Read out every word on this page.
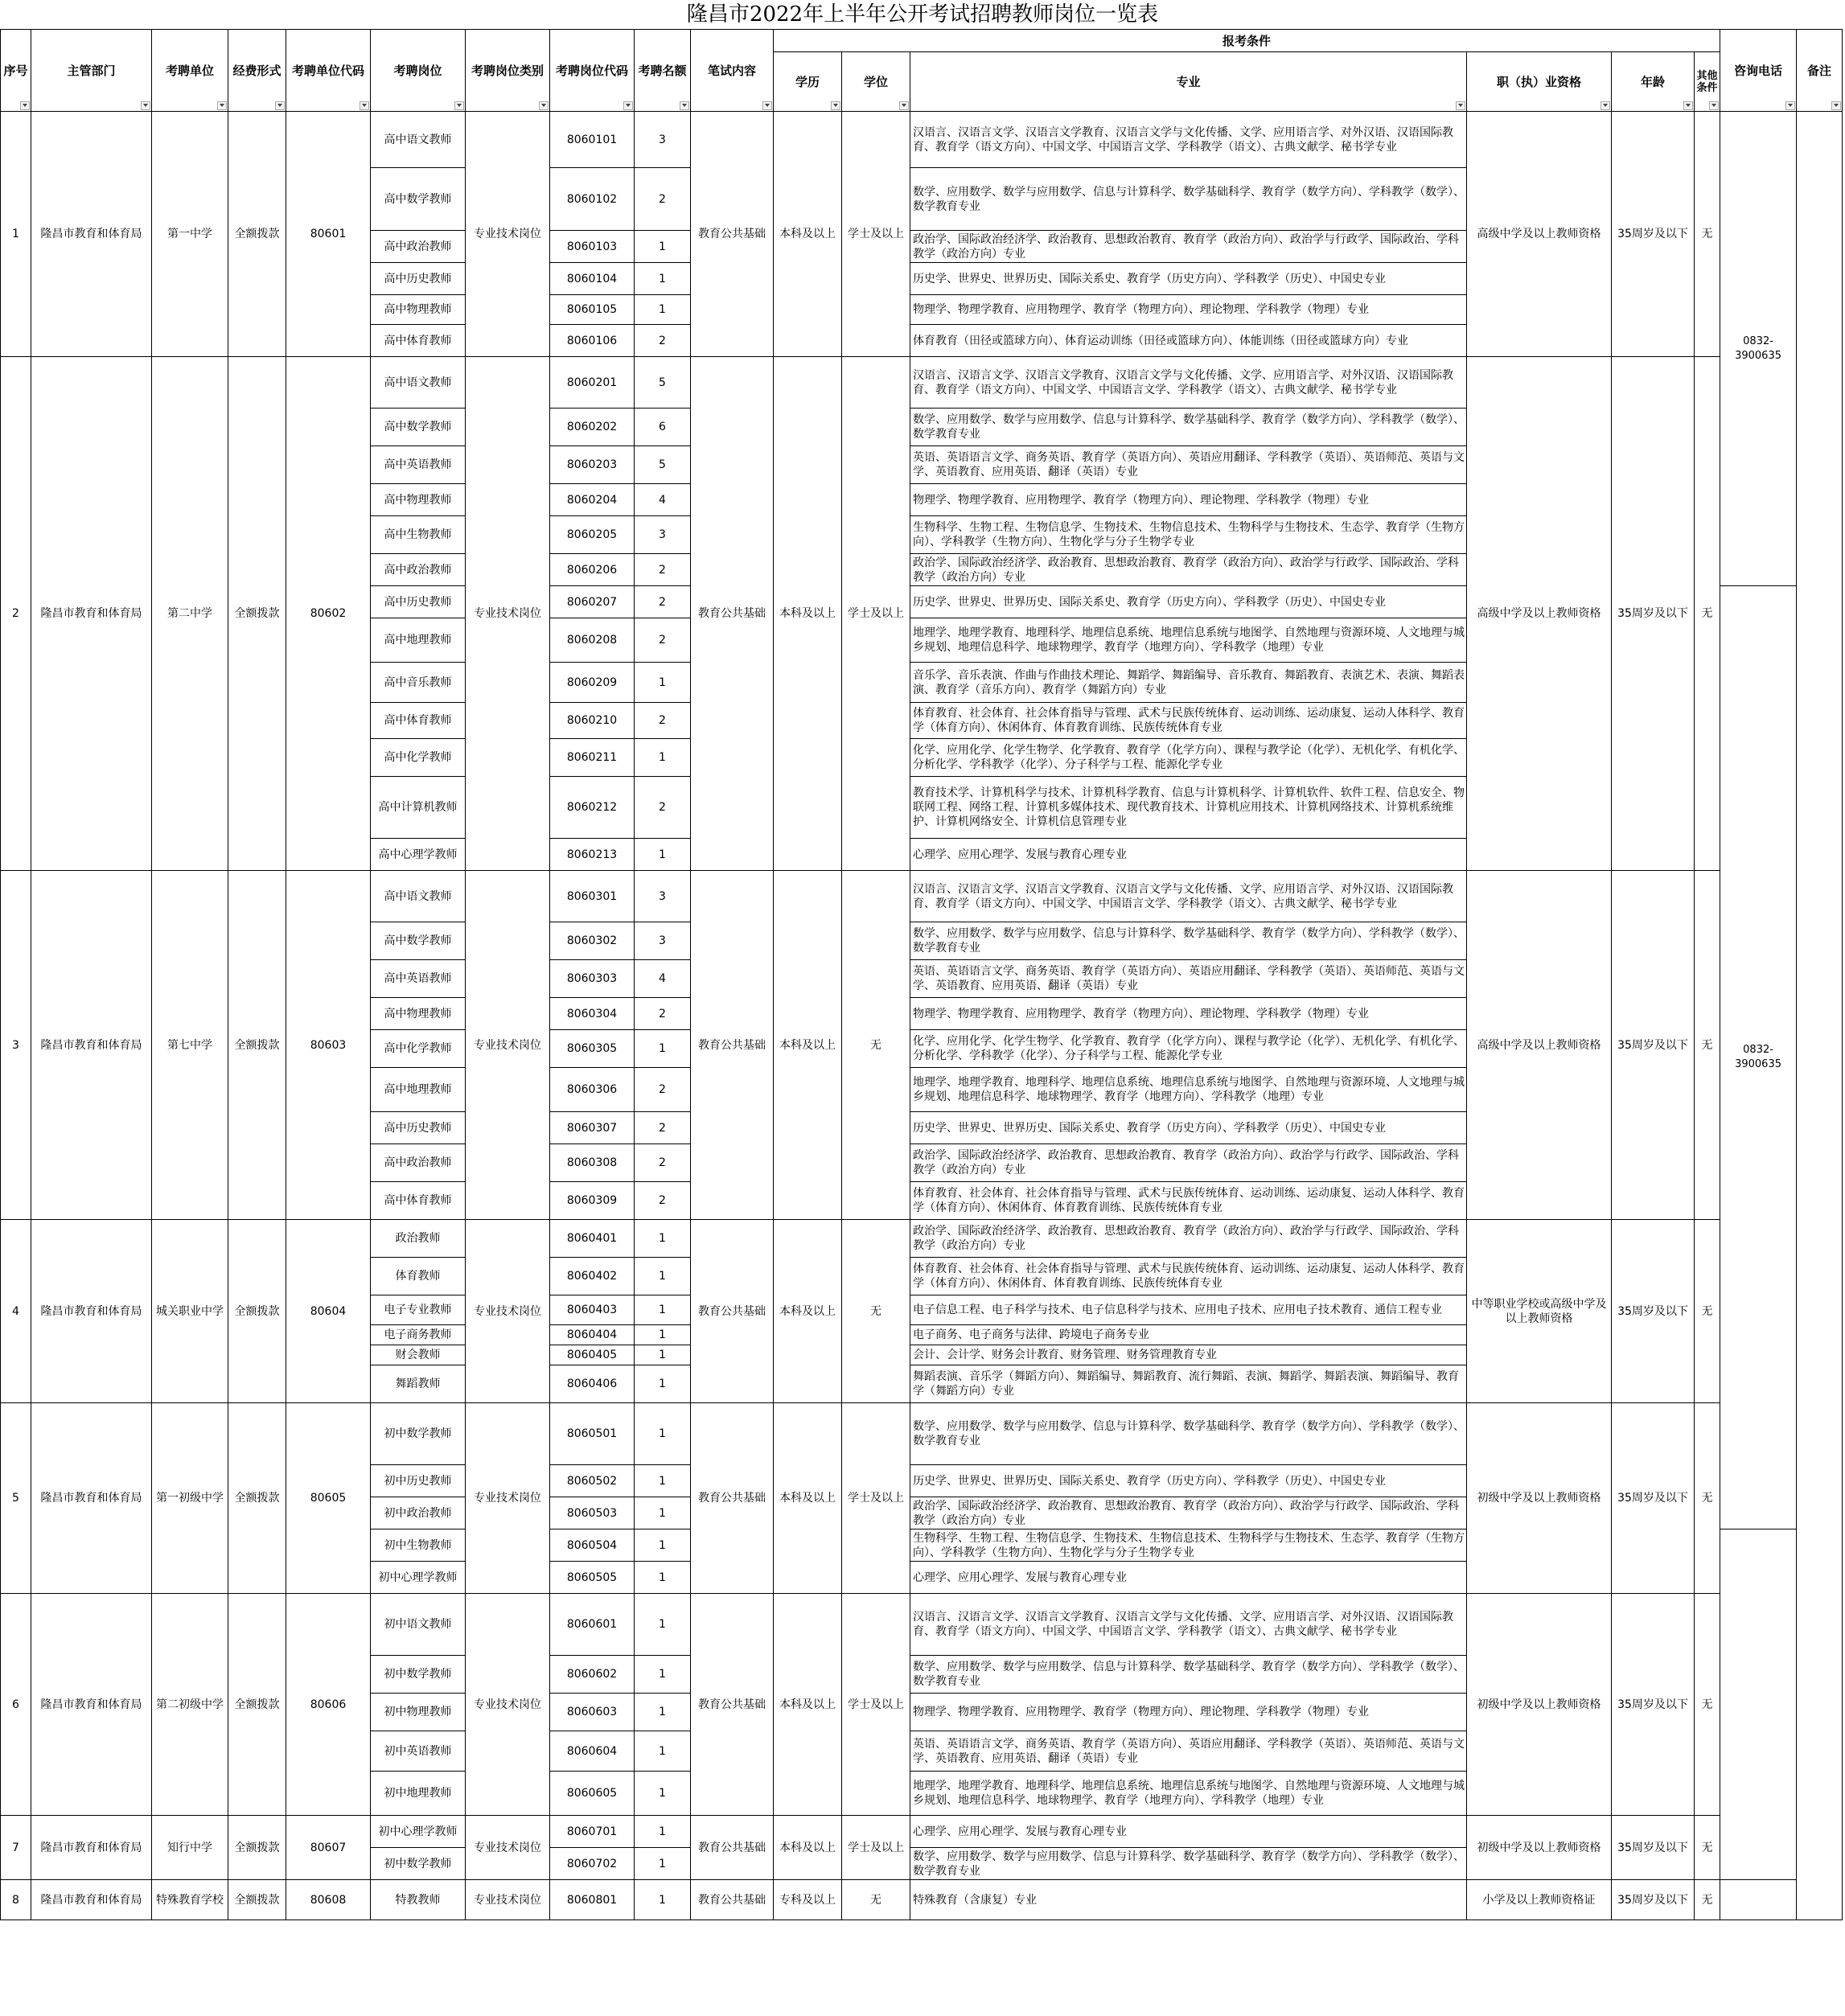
隆昌市2022年上半年公开考试招聘教师岗位一览表
序号	主管部门	考聘单位	经费形式	考聘单位代码	考聘岗位	考聘岗位类别	考聘岗位代码	考聘名额	笔试内容	报考条件						咨询电话	备注	

										学历	学位	专业	职（执）业资格	年龄	其他条件			

1	隆昌市教育和体育局	第一中学	全额拨款	80601	高中语文教师	专业技术岗位	8060101	3	教育公共基础	本科及以上	学士及以上	汉语言、汉语言文学、汉语言文学教育、汉语言文学与文化传播、文学、应用语言学、对外汉语、汉语国际教育、教育学（语文方向）、中国文学、中国语言文学、学科教学（语文）、古典文献学、秘书学专业	高级中学及以上教师资格	35周岁及以下	无	0832-3900635		
					高中数学教师		8060102	2				数学、应用数学、数学与应用数学、信息与计算科学、数学基础科学、教育学（数学方向）、学科教学（数学）、数学教育专业						
					高中政治教师		8060103	1				政治学、国际政治经济学、政治教育、思想政治教育、教育学（政治方向）、政治学与行政学、国际政治、学科教学（政治方向）专业						
					高中历史教师		8060104	1				历史学、世界史、世界历史、国际关系史、教育学（历史方向）、学科教学（历史）、中国史专业						
					高中物理教师		8060105	1				物理学、物理学教育、应用物理学、教育学（物理方向）、理论物理、学科教学（物理）专业						
					高中体育教师		8060106	2				体育教育（田径或篮球方向）、体育运动训练（田径或篮球方向）、体能训练（田径或篮球方向）专业						
2	隆昌市教育和体育局	第二中学	全额拨款	80602	高中语文教师	专业技术岗位	8060201	5	教育公共基础	本科及以上	学士及以上	汉语言、汉语言文学、汉语言文学教育、汉语言文学与文化传播、文学、应用语言学、对外汉语、汉语国际教育、教育学（语文方向）、中国文学、中国语言文学、学科教学（语文）、古典文献学、秘书学专业	高级中学及以上教师资格	35周岁及以下	无			
					高中数学教师		8060202	6				数学、应用数学、数学与应用数学、信息与计算科学、数学基础科学、教育学（数学方向）、学科教学（数学）、数学教育专业						
					高中英语教师		8060203	5				英语、英语语言文学、商务英语、教育学（英语方向）、英语应用翻译、学科教学（英语）、英语师范、英语与文学、英语教育、应用英语、翻译（英语）专业						
					高中物理教师		8060204	4				物理学、物理学教育、应用物理学、教育学（物理方向）、理论物理、学科教学（物理）专业						
					高中生物教师		8060205	3				生物科学、生物工程、生物信息学、生物技术、生物信息技术、生物科学与生物技术、生态学、教育学（生物方向）、学科教学（生物方向）、生物化学与分子生物学专业						
					高中政治教师		8060206	2				政治学、国际政治经济学、政治教育、思想政治教育、教育学（政治方向）、政治学与行政学、国际政治、学科教学（政治方向）专业						
					高中历史教师		8060207	2				历史学、世界史、世界历史、国际关系史、教育学（历史方向）、学科教学（历史）、中国史专业				0832-3900635		
					高中地理教师		8060208	2				地理学、地理学教育、地理科学、地理信息系统、地理信息系统与地图学、自然地理与资源环境、人文地理与城乡规划、地理信息科学、地球物理学、教育学（地理方向）、学科教学（地理）专业						
					高中音乐教师		8060209	1				音乐学、音乐表演、作曲与作曲技术理论、舞蹈学、舞蹈编导、音乐教育、舞蹈教育、表演艺术、表演、舞蹈表演、教育学（音乐方向）、教育学（舞蹈方向）专业						
					高中体育教师		8060210	2				体育教育、社会体育、社会体育指导与管理、武术与民族传统体育、运动训练、运动康复、运动人体科学、教育学（体育方向）、休闲体育、体育教育训练、民族传统体育专业						
					高中化学教师		8060211	1				化学、应用化学、化学生物学、化学教育、教育学（化学方向）、课程与教学论（化学）、无机化学、有机化学、分析化学、学科教学（化学）、分子科学与工程、能源化学专业						
					高中计算机教师		8060212	2				教育技术学、计算机科学与技术、计算机科学教育、信息与计算机科学、计算机软件、软件工程、信息安全、物联网工程、网络工程、计算机多媒体技术、现代教育技术、计算机应用技术、计算机网络技术、计算机系统维护、计算机网络安全、计算机信息管理专业						
					高中心理学教师		8060213	1				心理学、应用心理学、发展与教育心理专业						
3	隆昌市教育和体育局	第七中学	全额拨款	80603	高中语文教师	专业技术岗位	8060301	3	教育公共基础	本科及以上	无	汉语言、汉语言文学、汉语言文学教育、汉语言文学与文化传播、文学、应用语言学、对外汉语、汉语国际教育、教育学（语文方向）、中国文学、中国语言文学、学科教学（语文）、古典文献学、秘书学专业	高级中学及以上教师资格	35周岁及以下	无			
					高中数学教师		8060302	3				数学、应用数学、数学与应用数学、信息与计算科学、数学基础科学、教育学（数学方向）、学科教学（数学）、数学教育专业						
					高中英语教师		8060303	4				英语、英语语言文学、商务英语、教育学（英语方向）、英语应用翻译、学科教学（英语）、英语师范、英语与文学、英语教育、应用英语、翻译（英语）专业						
					高中物理教师		8060304	2				物理学、物理学教育、应用物理学、教育学（物理方向）、理论物理、学科教学（物理）专业						
					高中化学教师		8060305	1				化学、应用化学、化学生物学、化学教育、教育学（化学方向）、课程与教学论（化学）、无机化学、有机化学、分析化学、学科教学（化学）、分子科学与工程、能源化学专业						
					高中地理教师		8060306	2				地理学、地理学教育、地理科学、地理信息系统、地理信息系统与地图学、自然地理与资源环境、人文地理与城乡规划、地理信息科学、地球物理学、教育学（地理方向）、学科教学（地理）专业						
					高中历史教师		8060307	2				历史学、世界史、世界历史、国际关系史、教育学（历史方向）、学科教学（历史）、中国史专业						
					高中政治教师		8060308	2				政治学、国际政治经济学、政治教育、思想政治教育、教育学（政治方向）、政治学与行政学、国际政治、学科教学（政治方向）专业						
					高中体育教师		8060309	2				体育教育、社会体育、社会体育指导与管理、武术与民族传统体育、运动训练、运动康复、运动人体科学、教育学（体育方向）、休闲体育、体育教育训练、民族传统体育专业						
4	隆昌市教育和体育局	城关职业中学	全额拨款	80604	政治教师	专业技术岗位	8060401	1	教育公共基础	本科及以上	无	政治学、国际政治经济学、政治教育、思想政治教育、教育学（政治方向）、政治学与行政学、国际政治、学科教学（政治方向）专业	中等职业学校或高级中学及以上教师资格	35周岁及以下	无	
					体育教师		8060402	1				体育教育、社会体育、社会体育指导与管理、武术与民族传统体育、运动训练、运动康复、运动人体科学、教育学（体育方向）、休闲体育、体育教育训练、民族传统体育专业						
					电子专业教师		8060403	1				电子信息工程、电子科学与技术、电子信息科学与技术、应用电子技术、应用电子技术教育、通信工程专业						
					电子商务教师		8060404	1				电子商务、电子商务与法律、跨境电子商务专业						
					财会教师		8060405	1				会计、会计学、财务会计教育、财务管理、财务管理教育专业						
					舞蹈教师		8060406	1				舞蹈表演、音乐学（舞蹈方向）、舞蹈编导、舞蹈教育、流行舞蹈、表演、舞蹈学、舞蹈表演、舞蹈编导、教育学（舞蹈方向）专业						
5	隆昌市教育和体育局	第一初级中学	全额拨款	80605	初中数学教师	专业技术岗位	8060501	1	教育公共基础	本科及以上	学士及以上	数学、应用数学、数学与应用数学、信息与计算科学、数学基础科学、教育学（数学方向）、学科教学（数学）、数学教育专业	初级中学及以上教师资格	35周岁及以下	无	
					初中历史教师		8060502	1				历史学、世界史、世界历史、国际关系史、教育学（历史方向）、学科教学（历史）、中国史专业						
					初中政治教师		8060503	1				政治学、国际政治经济学、政治教育、思想政治教育、教育学（政治方向）、政治学与行政学、国际政治、学科教学（政治方向）专业						
					初中生物教师		8060504	1				生物科学、生物工程、生物信息学、生物技术、生物信息技术、生物科学与生物技术、生态学、教育学（生物方向）、学科教学（生物方向）、生物化学与分子生物学专业						
					初中心理学教师		8060505	1				心理学、应用心理学、发展与教育心理专业						
6	隆昌市教育和体育局	第二初级中学	全额拨款	80606	初中语文教师	专业技术岗位	8060601	1	教育公共基础	本科及以上	学士及以上	汉语言、汉语言文学、汉语言文学教育、汉语言文学与文化传播、文学、应用语言学、对外汉语、汉语国际教育、教育学（语文方向）、中国文学、中国语言文学、学科教学（语文）、古典文献学、秘书学专业	初级中学及以上教师资格	35周岁及以下	无			
					初中数学教师		8060602	1				数学、应用数学、数学与应用数学、信息与计算科学、数学基础科学、教育学（数学方向）、学科教学（数学）、数学教育专业						
					初中物理教师		8060603	1				物理学、物理学教育、应用物理学、教育学（物理方向）、理论物理、学科教学（物理）专业						
					初中英语教师		8060604	1				英语、英语语言文学、商务英语、教育学（英语方向）、英语应用翻译、学科教学（英语）、英语师范、英语与文学、英语教育、应用英语、翻译（英语）专业						
					初中地理教师		8060605	1				地理学、地理学教育、地理科学、地理信息系统、地理信息系统与地图学、自然地理与资源环境、人文地理与城乡规划、地理信息科学、地球物理学、教育学（地理方向）、学科教学（地理）专业						
7	隆昌市教育和体育局	知行中学	全额拨款	80607	初中心理学教师	专业技术岗位	8060701	1	教育公共基础	本科及以上	学士及以上	心理学、应用心理学、发展与教育心理专业	初级中学及以上教师资格	35周岁及以下	无			
					初中数学教师		8060702	1				数学、应用数学、数学与应用数学、信息与计算科学、数学基础科学、教育学（数学方向）、学科教学（数学）、数学教育专业						
8	隆昌市教育和体育局	特殊教育学校	全额拨款	80608	特教教师	专业技术岗位	8060801	1	教育公共基础	专科及以上	无	特殊教育（含康复）专业	小学及以上教师资格证	35周岁及以下	无			
